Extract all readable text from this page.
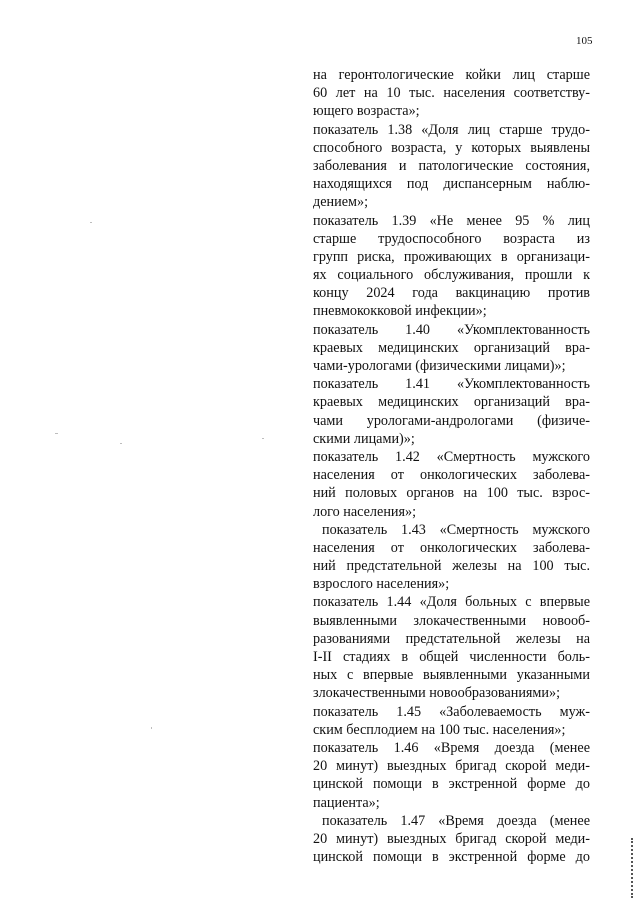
105
на геронтологические койки лиц старше
60 лет на 10 тыс. населения соответству-
ющего возраста»;
показатель 1.38 «Доля лиц старше трудо-
способного возраста, у которых выявлены
заболевания и патологические состояния,
находящихся под диспансерным наблю-
дением»;
показатель 1.39 «Не менее 95 % лиц
старше трудоспособного возраста из
групп риска, проживающих в организаци-
ях социального обслуживания, прошли к
концу 2024 года вакцинацию против
пневмококковой инфекции»;
показатель 1.40 «Укомплектованность
краевых медицинских организаций вра-
чами-урологами (физическими лицами)»;
показатель 1.41 «Укомплектованность
краевых медицинских организаций вра-
чами урологами-андрологами (физиче-
скими лицами)»;
показатель 1.42 «Смертность мужского
населения от онкологических заболева-
ний половых органов на 100 тыс. взрос-
лого населения»;
показатель 1.43 «Смертность мужского
населения от онкологических заболева-
ний предстательной железы на 100 тыс.
взрослого населения»;
показатель 1.44 «Доля больных с впервые
выявленными злокачественными новооб-
разованиями предстательной железы на
I-II стадиях в общей численности боль-
ных с впервые выявленными указанными
злокачественными новообразованиями»;
показатель 1.45 «Заболеваемость муж-
ским бесплодием на 100 тыс. населения»;
показатель 1.46 «Время доезда (менее
20 минут) выездных бригад скорой меди-
цинской помощи в экстренной форме до
пациента»;
показатель 1.47 «Время доезда (менее
20 минут) выездных бригад скорой меди-
цинской помощи в экстренной форме до
